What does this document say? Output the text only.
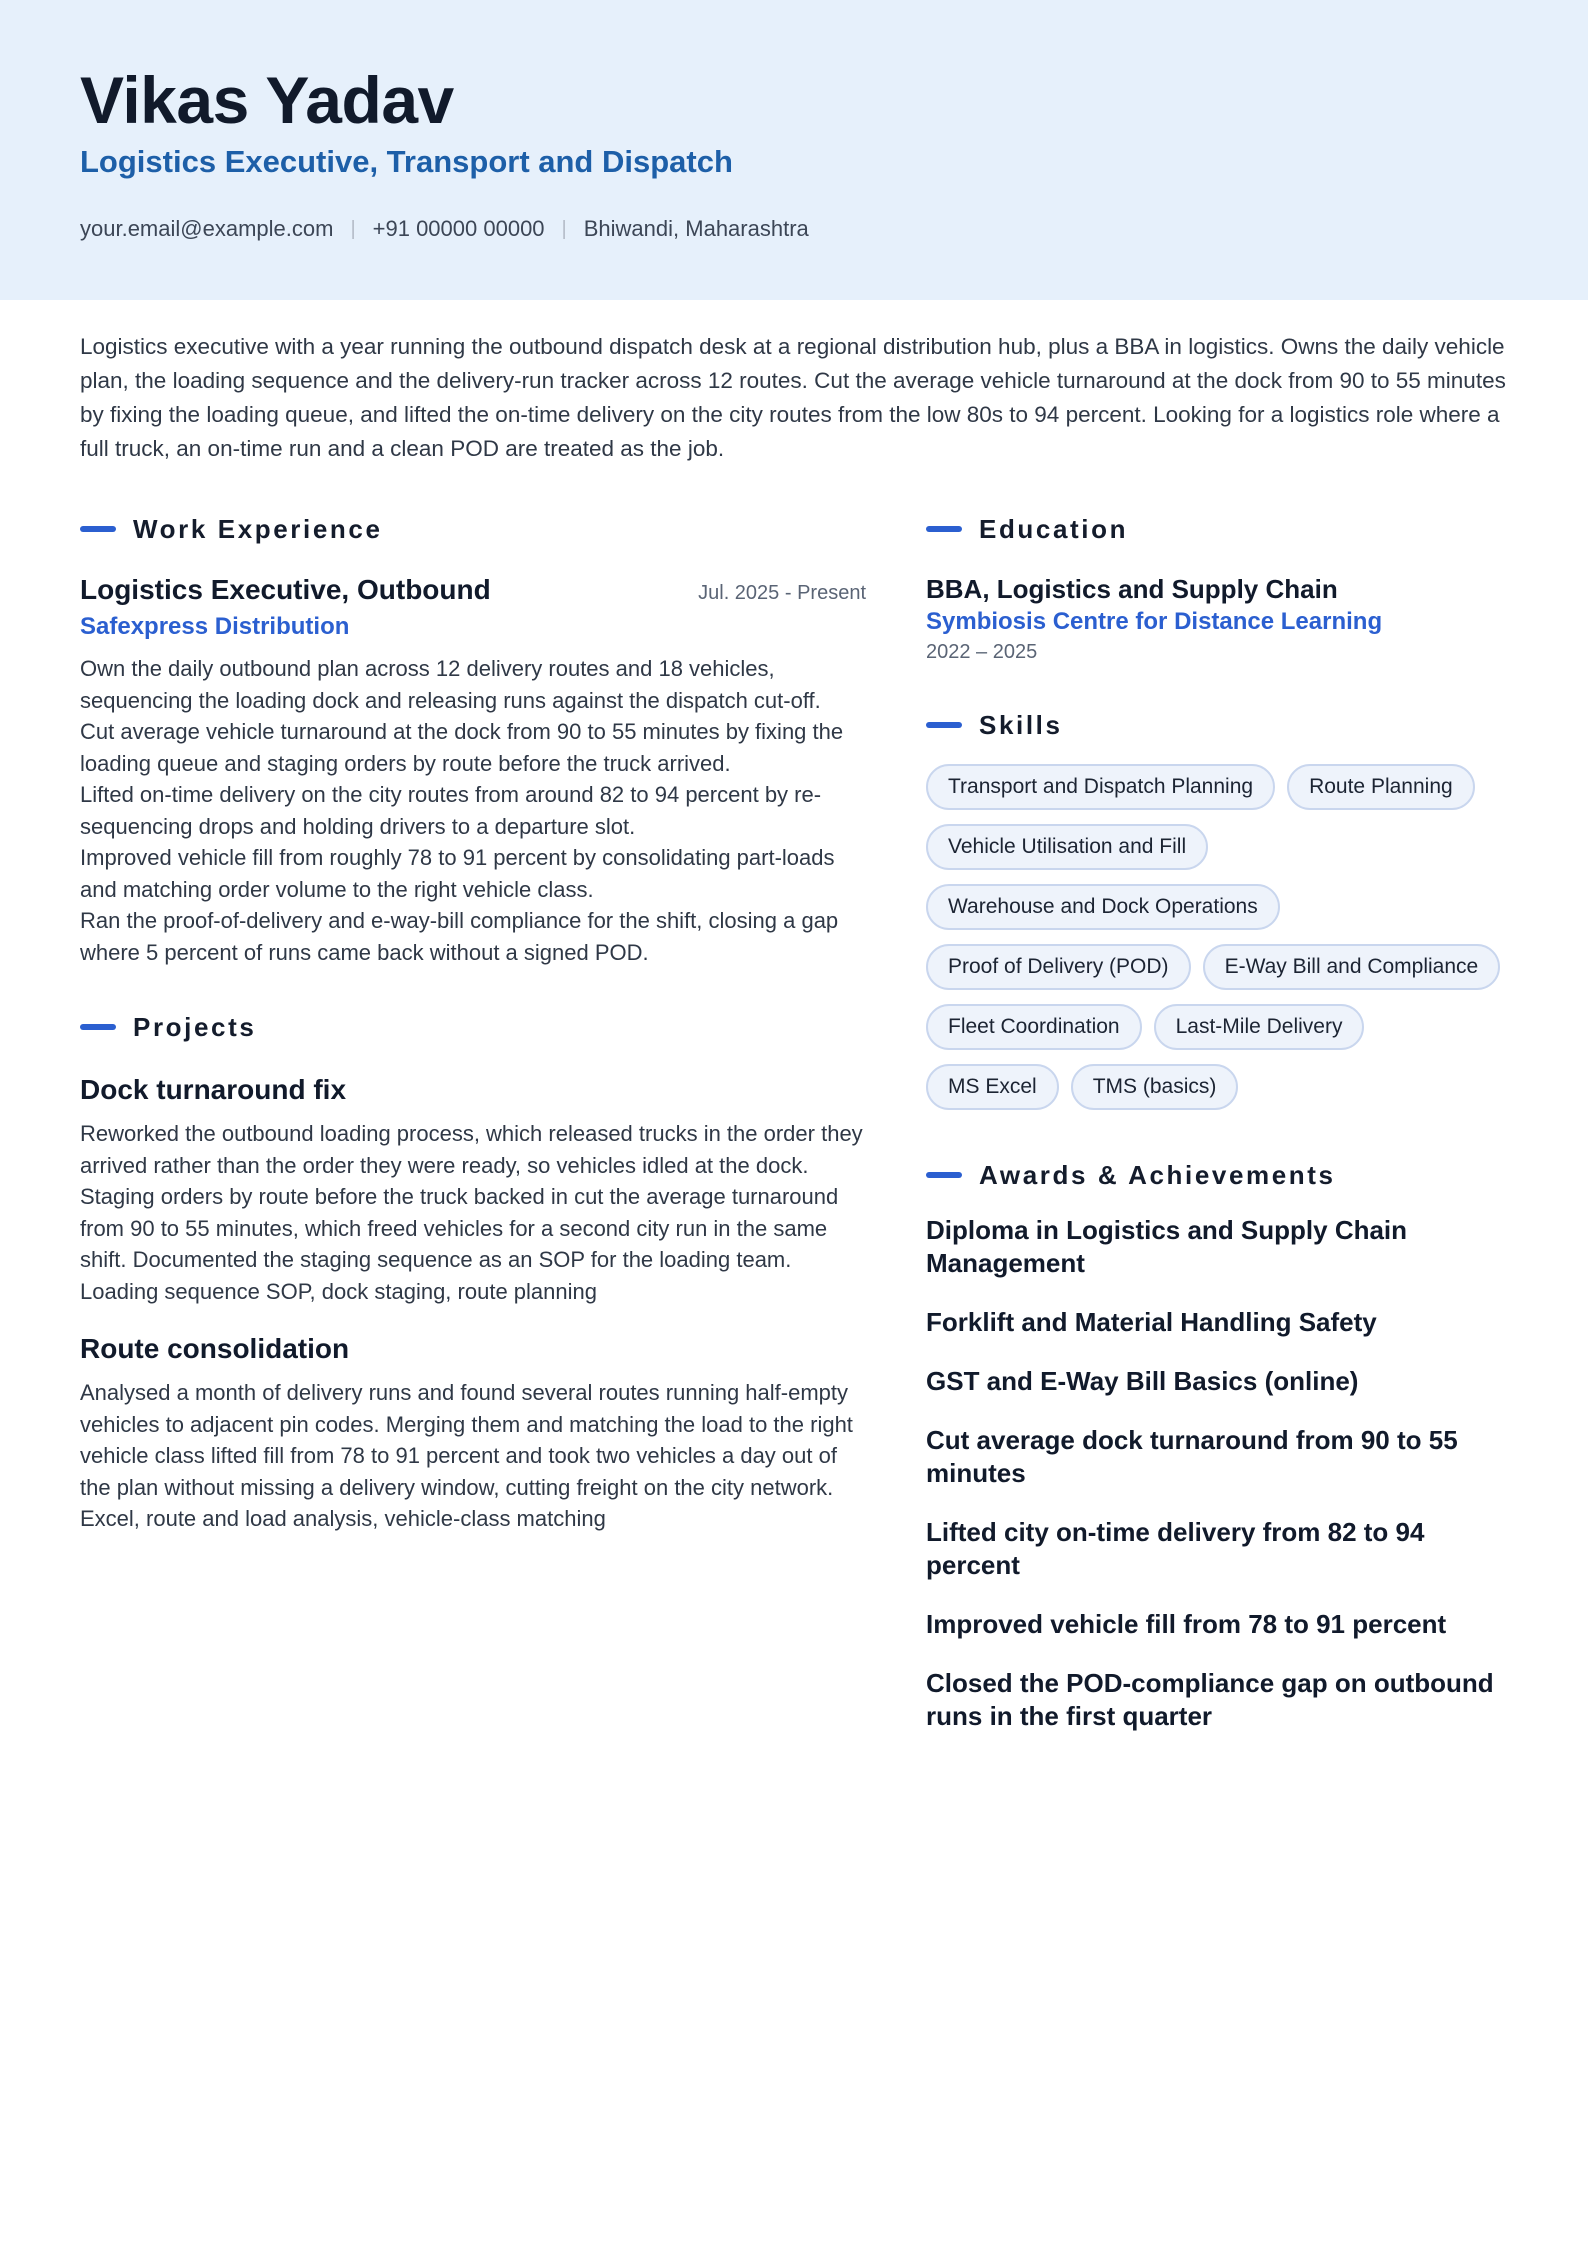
Vikas Yadav
Logistics Executive, Transport and Dispatch
your.email@example.com | +91 00000 00000 | Bhiwandi, Maharashtra

Logistics executive with a year running the outbound dispatch desk at a regional distribution hub, plus a BBA in logistics. Owns the daily vehicle plan, the loading sequence and the delivery-run tracker across 12 routes. Cut the average vehicle turnaround at the dock from 90 to 55 minutes by fixing the loading queue, and lifted the on-time delivery on the city routes from the low 80s to 94 percent. Looking for a logistics role where a full truck, an on-time run and a clean POD are treated as the job.

Work Experience
Logistics Executive, Outbound	Jul. 2025 - Present
Safexpress Distribution

Own the daily outbound plan across 12 delivery routes and 18 vehicles, sequencing the loading dock and releasing runs against the dispatch cut-off.

Cut average vehicle turnaround at the dock from 90 to 55 minutes by fixing the loading queue and staging orders by route before the truck arrived.

Lifted on-time delivery on the city routes from around 82 to 94 percent by re-sequencing drops and holding drivers to a departure slot.

Improved vehicle fill from roughly 78 to 91 percent by consolidating part-loads and matching order volume to the right vehicle class.

Ran the proof-of-delivery and e-way-bill compliance for the shift, closing a gap where 5 percent of runs came back without a signed POD.

Projects
Dock turnaround fix

Reworked the outbound loading process, which released trucks in the order they arrived rather than the order they were ready, so vehicles idled at the dock. Staging orders by route before the truck backed in cut the average turnaround from 90 to 55 minutes, which freed vehicles for a second city run in the same shift. Documented the staging sequence as an SOP for the loading team.

Loading sequence SOP, dock staging, route planning

Route consolidation

Analysed a month of delivery runs and found several routes running half-empty vehicles to adjacent pin codes. Merging them and matching the load to the right vehicle class lifted fill from 78 to 91 percent and took two vehicles a day out of the plan without missing a delivery window, cutting freight on the city network.

Excel, route and load analysis, vehicle-class matching

Education
BBA, Logistics and Supply Chain
Symbiosis Centre for Distance Learning
2022 – 2025
Skills
Transport and Dispatch Planning	Route Planning
Vehicle Utilisation and Fill
Warehouse and Dock Operations
Proof of Delivery (POD)	E-Way Bill and Compliance
Fleet Coordination	Last-Mile Delivery
MS Excel	TMS (basics)
Awards & Achievements
Diploma in Logistics and Supply Chain Management
Forklift and Material Handling Safety
GST and E-Way Bill Basics (online)
Cut average dock turnaround from 90 to 55 minutes
Lifted city on-time delivery from 82 to 94 percent
Improved vehicle fill from 78 to 91 percent
Closed the POD-compliance gap on outbound runs in the first quarter
